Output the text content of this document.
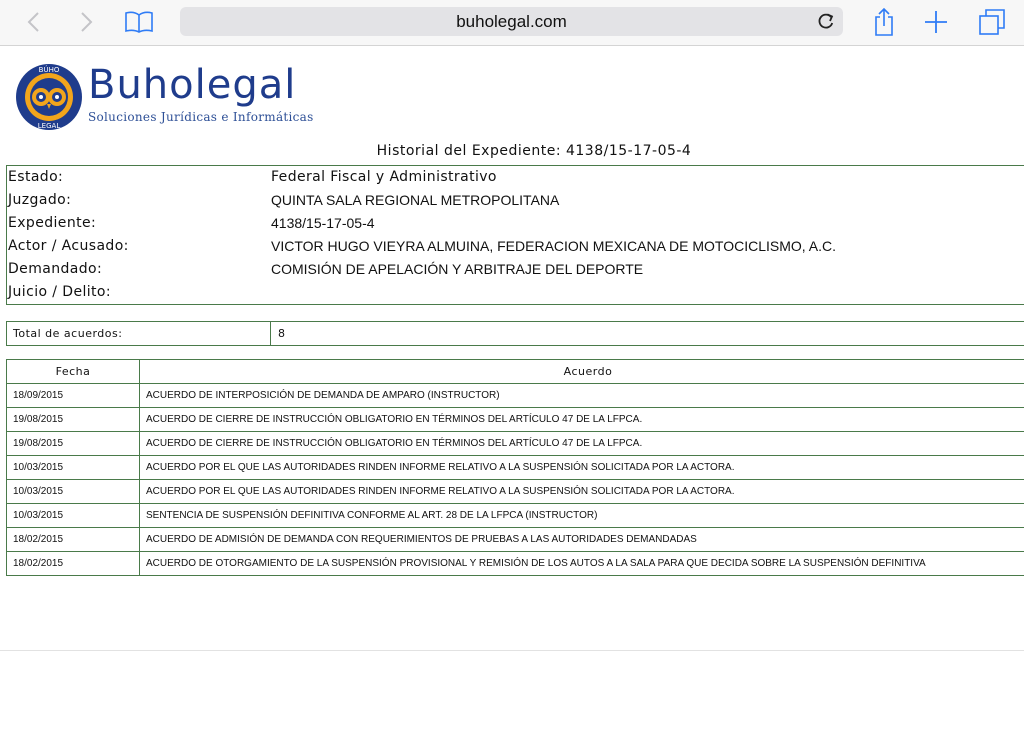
buholegal.com
BÚHO
LEGAL
Buholegal
Soluciones Jurídicas e Informáticas
Historial del Expediente: 4138/15-17-05-4
Estado:	Federal Fiscal y Administrativo
Juzgado:	QUINTA SALA REGIONAL METROPOLITANA
Expediente:	4138/15-17-05-4
Actor / Acusado:	VICTOR HUGO VIEYRA ALMUINA, FEDERACION MEXICANA DE MOTOCICLISMO, A.C.
Demandado:	COMISIÓN DE APELACIÓN Y ARBITRAJE DEL DEPORTE
Juicio / Delito:
Total de acuerdos:	8
Fecha	Acuerdo
18/09/2015	ACUERDO DE INTERPOSICIÓN DE DEMANDA DE AMPARO (INSTRUCTOR)
19/08/2015	ACUERDO DE CIERRE DE INSTRUCCIÓN OBLIGATORIO EN TÉRMINOS DEL ARTÍCULO 47 DE LA LFPCA.
19/08/2015	ACUERDO DE CIERRE DE INSTRUCCIÓN OBLIGATORIO EN TÉRMINOS DEL ARTÍCULO 47 DE LA LFPCA.
10/03/2015	ACUERDO POR EL QUE LAS AUTORIDADES RINDEN INFORME RELATIVO A LA SUSPENSIÓN SOLICITADA POR LA ACTORA.
10/03/2015	ACUERDO POR EL QUE LAS AUTORIDADES RINDEN INFORME RELATIVO A LA SUSPENSIÓN SOLICITADA POR LA ACTORA.
10/03/2015	SENTENCIA DE SUSPENSIÓN DEFINITIVA CONFORME AL ART. 28 DE LA LFPCA (INSTRUCTOR)
18/02/2015	ACUERDO DE ADMISIÓN DE DEMANDA CON REQUERIMIENTOS DE PRUEBAS A LAS AUTORIDADES DEMANDADAS
18/02/2015	ACUERDO DE OTORGAMIENTO DE LA SUSPENSIÓN PROVISIONAL Y REMISIÓN DE LOS AUTOS A LA SALA PARA QUE DECIDA SOBRE LA SUSPENSIÓN DEFINITIVA
